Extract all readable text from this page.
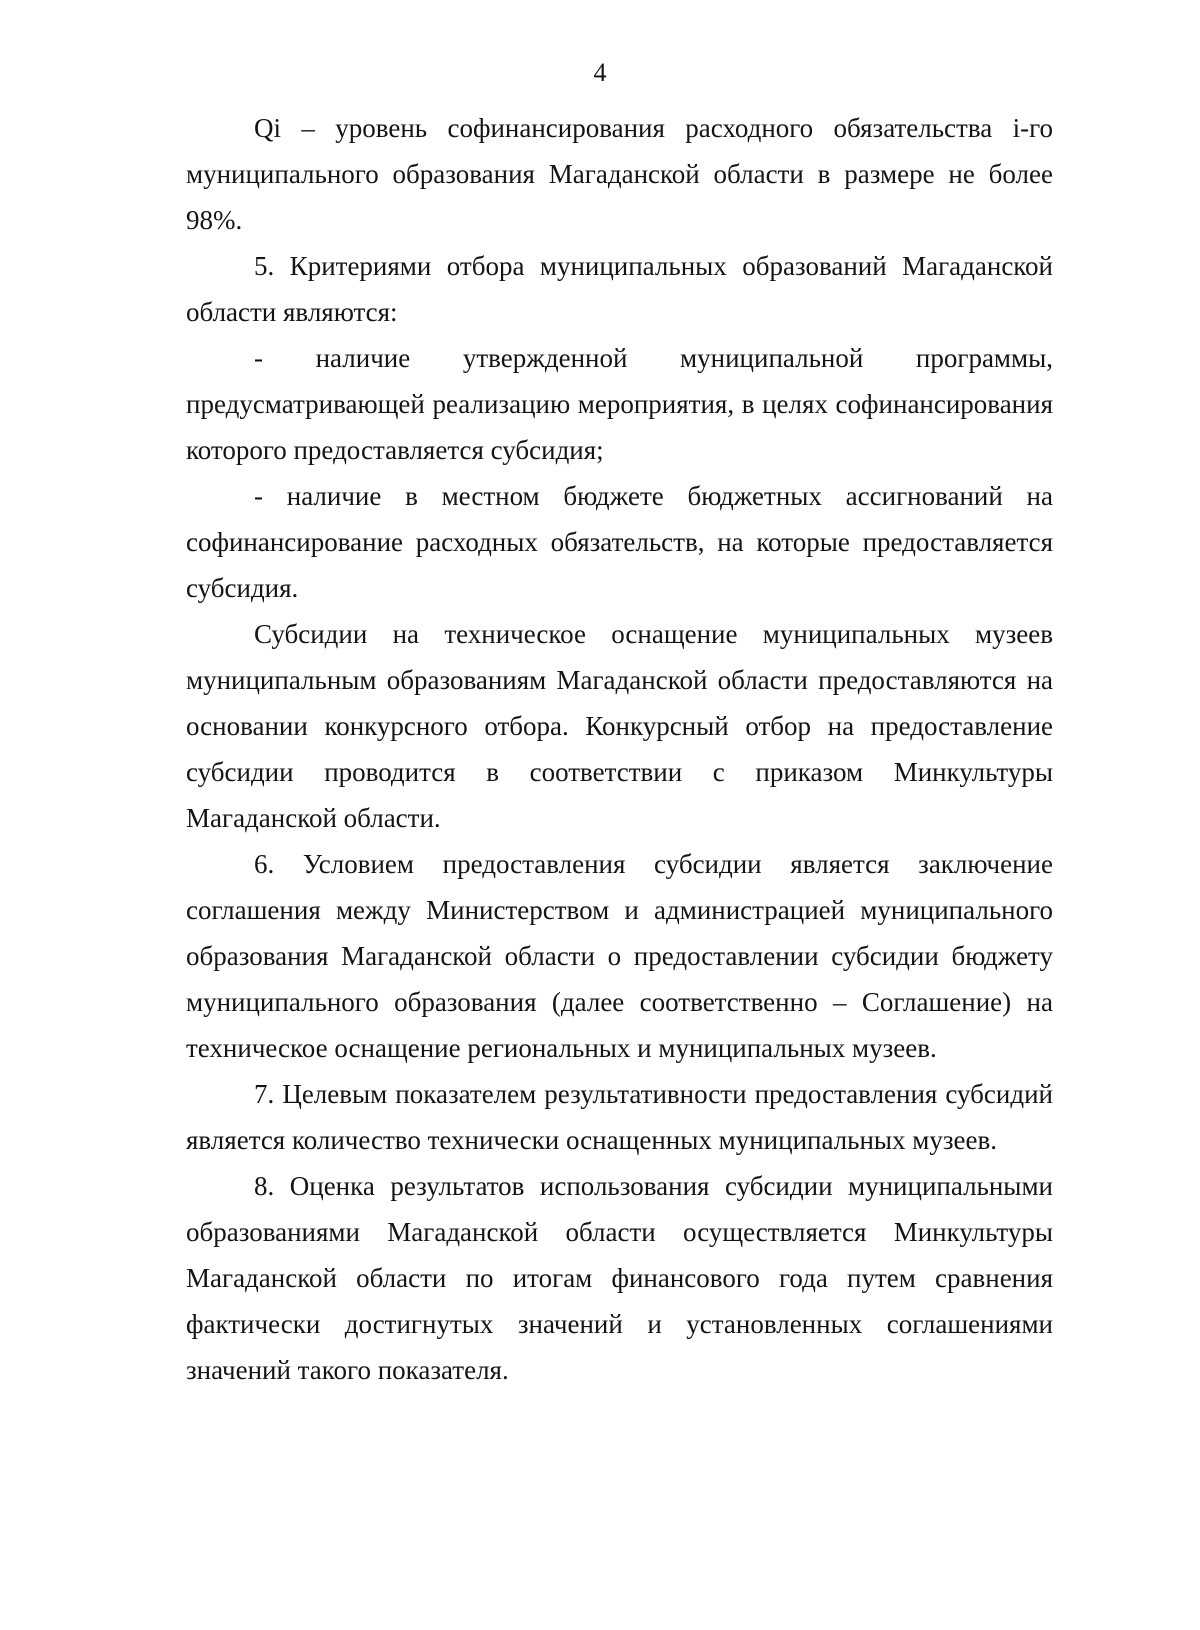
4

Qi – уровень софинансирования расходного обязательства i-го муниципального образования Магаданской области в размере не более 98%.

5. Критериями отбора муниципальных образований Магаданской области являются:

- наличие утвержденной муниципальной программы, предусматривающей реализацию мероприятия, в целях софинансирования которого предоставляется субсидия;

- наличие в местном бюджете бюджетных ассигнований на софинансирование расходных обязательств, на которые предоставляется субсидия.

Субсидии на техническое оснащение муниципальных музеев муниципальным образованиям Магаданской области предоставляются на основании конкурсного отбора. Конкурсный отбор на предоставление субсидии проводится в соответствии с приказом Минкультуры Магаданской области.

6. Условием предоставления субсидии является заключение соглашения между Министерством и администрацией муниципального образования Магаданской области о предоставлении субсидии бюджету муниципального образования (далее соответственно – Соглашение) на техническое оснащение региональных и муниципальных музеев.

7. Целевым показателем результативности предоставления субсидий является количество технически оснащенных муниципальных музеев.

8. Оценка результатов использования субсидии муниципальными образованиями Магаданской области осуществляется Минкультуры Магаданской области по итогам финансового года путем сравнения фактически достигнутых значений и установленных соглашениями значений такого показателя.
